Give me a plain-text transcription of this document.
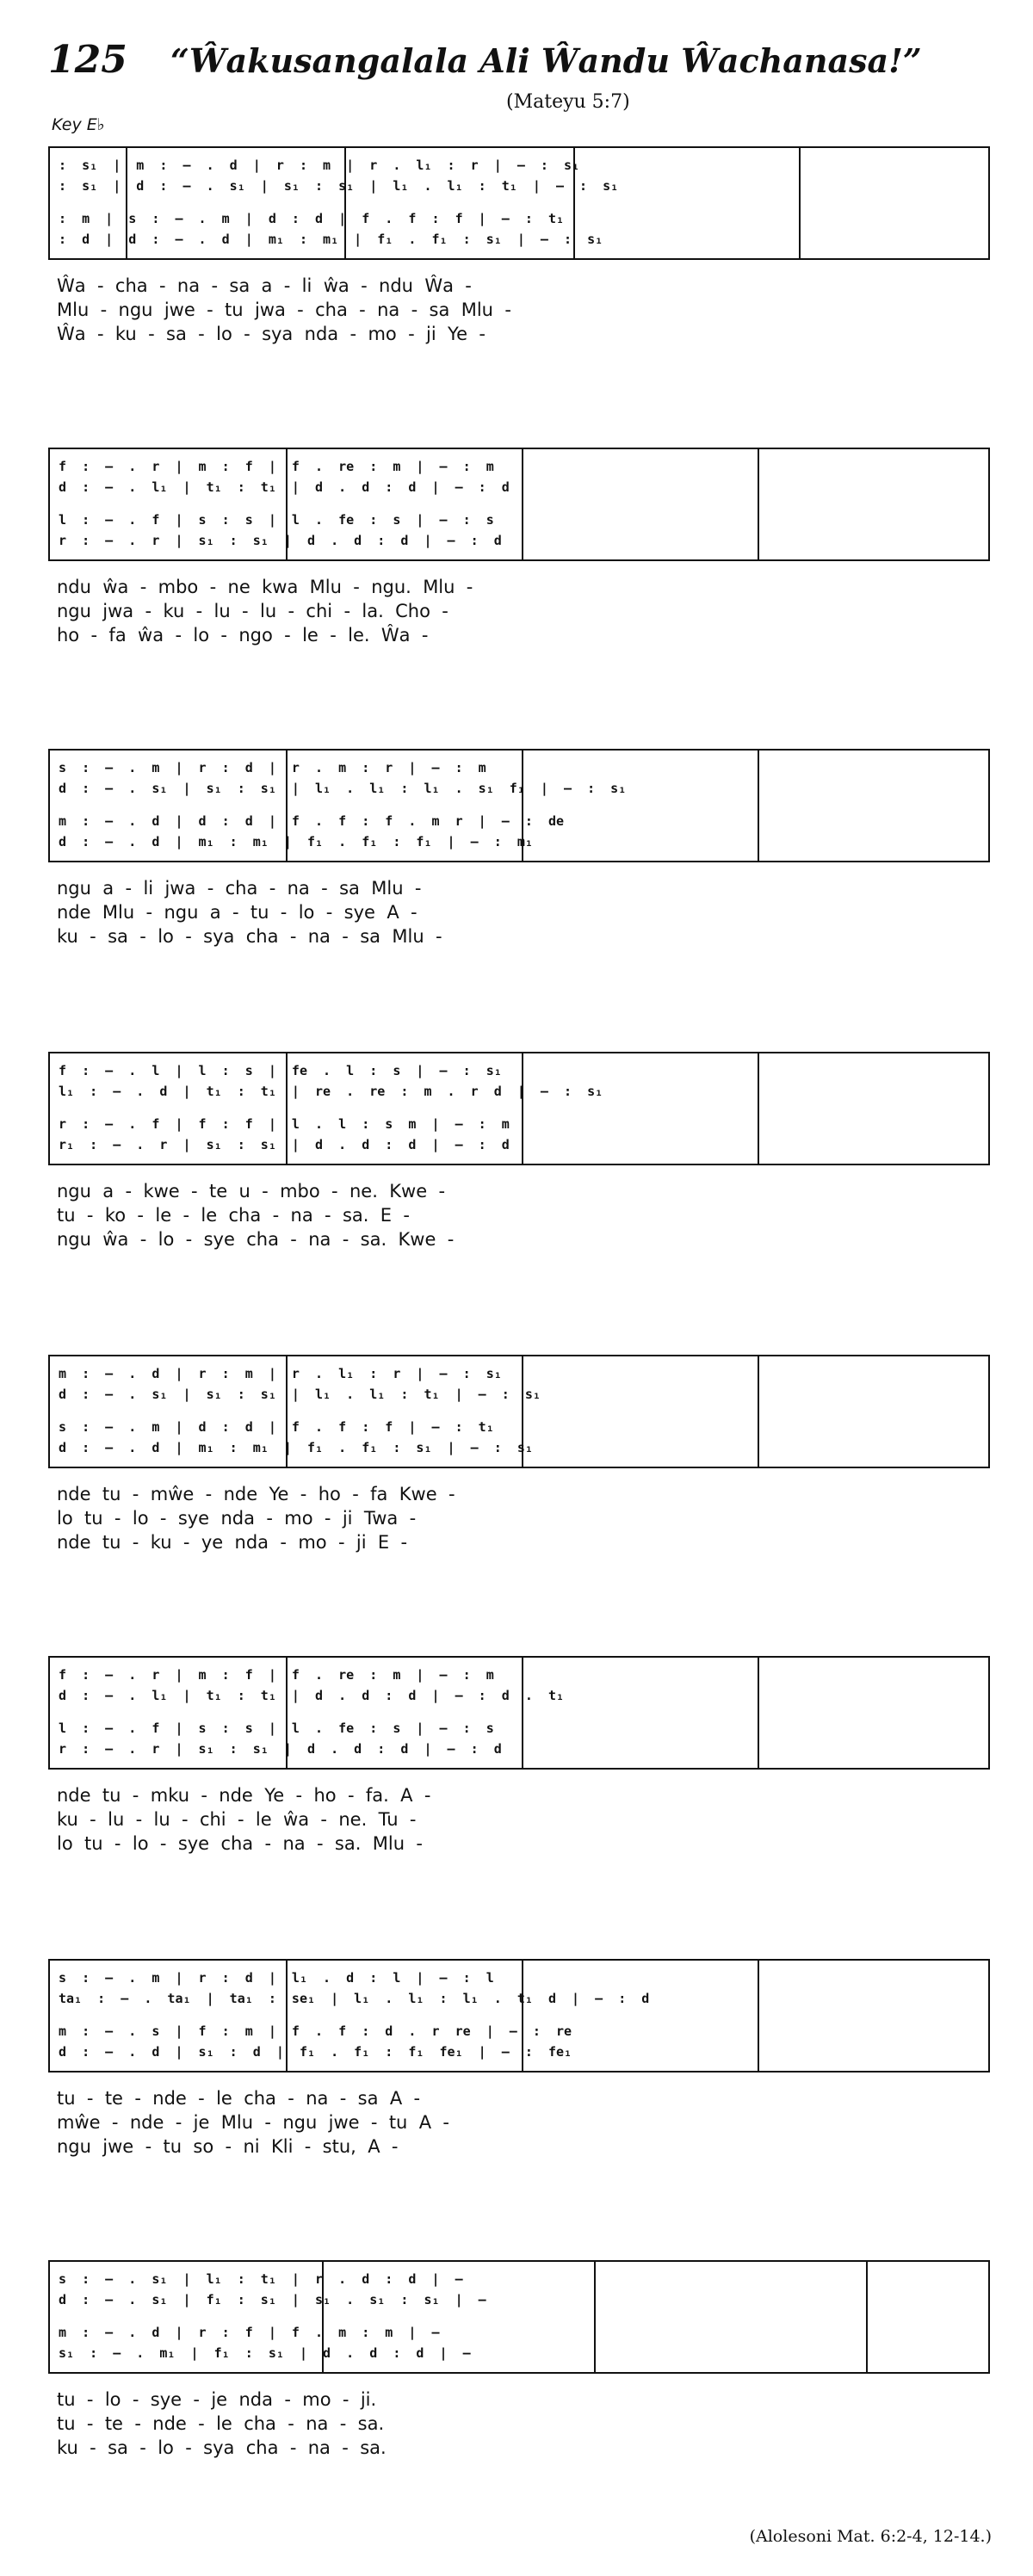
125 “Ŵakusangalala Ali Ŵandu Ŵachanasa!”
(Mateyu 5:7)
Key E♭
:  s₁  |  m  :  –  .  d  |  r  :  m  |  r  .  l₁  :  r  |  —  :  s₁
:  s₁  |  d  :  –  .  s₁  |  s₁  :  s₁  |  l₁  .  l₁  :  t₁  |  —  :  s₁
:  m  |  s  :  –  .  m  |  d  :  d  |  f  .  f  :  f  |  —  :  t₁
:  d  |  d  :  –  .  d  |  m₁  :  m₁  |  f₁  .  f₁  :  s₁  |  —  :  s₁
Ŵa  -  cha  -  na  -  sa  a  -  li  ŵa  -  ndu  Ŵa  -
Mlu  -  ngu  jwe  -  tu  jwa  -  cha  -  na  -  sa  Mlu  -
Ŵa  -  ku  -  sa  -  lo  -  sya  nda  -  mo  -  ji  Ye  -
f  :  –  .  r  |  m  :  f  |  f  .  re  :  m  |  —  :  m
d  :  –  .  l₁  |  t₁  :  t₁  |  d  .  d  :  d  |  —  :  d
l  :  –  .  f  |  s  :  s  |  l  .  fe  :  s  |  —  :  s
r  :  –  .  r  |  s₁  :  s₁  |  d  .  d  :  d  |  —  :  d
ndu  ŵa  -  mbo  -  ne  kwa  Mlu  -  ngu.  Mlu  -
ngu  jwa  -  ku  -  lu  -  lu  -  chi  -  la.  Cho  -
ho  -  fa  ŵa  -  lo  -  ngo  -  le  -  le.  Ŵa  -
s  :  –  .  m  |  r  :  d  |  r  .  m  :  r  |  —  :  m
d  :  –  .  s₁  |  s₁  :  s₁  |  l₁  .  l₁  :  l₁  .  s₁  f₁  |  —  :  s₁
m  :  –  .  d  |  d  :  d  |  f  .  f  :  f  .  m  r  |  —  :  de
d  :  –  .  d  |  m₁  :  m₁  |  f₁  .  f₁  :  f₁  |  —  :  m₁
ngu  a  -  li  jwa  -  cha  -  na  -  sa  Mlu  -
nde  Mlu  -  ngu  a  -  tu  -  lo  -  sye  A  -
ku  -  sa  -  lo  -  sya  cha  -  na  -  sa  Mlu  -
f  :  –  .  l  |  l  :  s  |  fe  .  l  :  s  |  —  :  s₁
l₁  :  –  .  d  |  t₁  :  t₁  |  re  .  re  :  m  .  r  d  |  —  :  s₁
r  :  –  .  f  |  f  :  f  |  l  .  l  :  s  m  |  —  :  m
r₁  :  –  .  r  |  s₁  :  s₁  |  d  .  d  :  d  |  —  :  d
ngu  a  -  kwe  -  te  u  -  mbo  -  ne.  Kwe  -
tu  -  ko  -  le  -  le  cha  -  na  -  sa.  E  -
ngu  ŵa  -  lo  -  sye  cha  -  na  -  sa.  Kwe  -
m  :  –  .  d  |  r  :  m  |  r  .  l₁  :  r  |  —  :  s₁
d  :  –  .  s₁  |  s₁  :  s₁  |  l₁  .  l₁  :  t₁  |  —  :  s₁
s  :  –  .  m  |  d  :  d  |  f  .  f  :  f  |  —  :  t₁
d  :  –  .  d  |  m₁  :  m₁  |  f₁  .  f₁  :  s₁  |  —  :  s₁
nde  tu  -  mŵe  -  nde  Ye  -  ho  -  fa  Kwe  -
lo  tu  -  lo  -  sye  nda  -  mo  -  ji  Twa  -
nde  tu  -  ku  -  ye  nda  -  mo  -  ji  E  -
f  :  –  .  r  |  m  :  f  |  f  .  re  :  m  |  —  :  m
d  :  –  .  l₁  |  t₁  :  t₁  |  d  .  d  :  d  |  —  :  d  .  t₁
l  :  –  .  f  |  s  :  s  |  l  .  fe  :  s  |  —  :  s
r  :  –  .  r  |  s₁  :  s₁  |  d  .  d  :  d  |  —  :  d
nde  tu  -  mku  -  nde  Ye  -  ho  -  fa.  A  -
ku  -  lu  -  lu  -  chi  -  le  ŵa  -  ne.  Tu  -
lo  tu  -  lo  -  sye  cha  -  na  -  sa.  Mlu  -
s  :  –  .  m  |  r  :  d  |  l₁  .  d  :  l  |  —  :  l
ta₁  :  –  .  ta₁  |  ta₁  :  se₁  |  l₁  .  l₁  :  l₁  .  t₁  d  |  —  :  d
m  :  –  .  s  |  f  :  m  |  f  .  f  :  d  .  r  re  |  —  :  re
d  :  –  .  d  |  s₁  :  d  |  f₁  .  f₁  :  f₁  fe₁  |  —  :  fe₁
tu  -  te  -  nde  -  le  cha  -  na  -  sa  A  -
mŵe  -  nde  -  je  Mlu  -  ngu  jwe  -  tu  A  -
ngu  jwe  -  tu  so  -  ni  Kli  -  stu,  A  -
s  :  –  .  s₁  |  l₁  :  t₁  |  r  .  d  :  d  |  —
d  :  –  .  s₁  |  f₁  :  s₁  |  s₁  .  s₁  :  s₁  |  —
m  :  –  .  d  |  r  :  f  |  f  .  m  :  m  |  —
s₁  :  –  .  m₁  |  f₁  :  s₁  |  d  .  d  :  d  |  —
tu  -  lo  -  sye  -  je  nda  -  mo  -  ji.
tu  -  te  -  nde  -  le  cha  -  na  -  sa.
ku  -  sa  -  lo  -  sya  cha  -  na  -  sa.
(Alolesoni Mat. 6:2-4, 12-14.)
